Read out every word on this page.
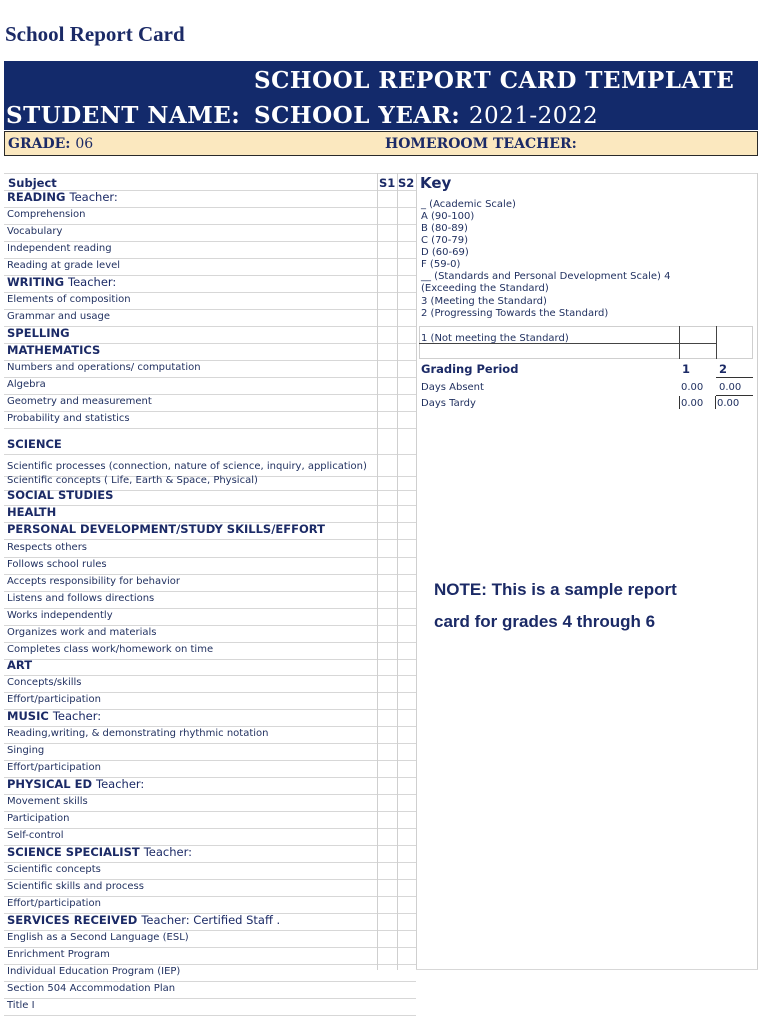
School Report Card
SCHOOL REPORT CARD TEMPLATE
STUDENT NAME: SCHOOL YEAR: 2021-2022
GRADE: 06	HOMEROOM TEACHER:
Subject	S1 S2
READING Teacher:
Comprehension
Vocabulary
Independent reading
Reading at grade level
WRITING Teacher:
Elements of composition
Grammar and usage
SPELLING
MATHEMATICS
Numbers and operations/ computation
Algebra
Geometry and measurement
Probability and statistics
SCIENCE
Scientific processes (connection, nature of science, inquiry, application)
Scientific concepts ( Life, Earth & Space, Physical)
SOCIAL STUDIES
HEALTH
PERSONAL DEVELOPMENT/STUDY SKILLS/EFFORT
Respects others
Follows school rules
Accepts responsibility for behavior
Listens and follows directions
Works independently
Organizes work and materials
Completes class work/homework on time
ART
Concepts/skills
Effort/participation
MUSIC Teacher:
Reading,writing, & demonstrating rhythmic notation
Singing
Effort/participation
PHYSICAL ED Teacher:
Movement skills
Participation
Self-control
SCIENCE SPECIALIST Teacher:
Scientific concepts
Scientific skills and process
Effort/participation
SERVICES RECEIVED Teacher: Certified Staff .
English as a Second Language (ESL)
Enrichment Program
Individual Education Program (IEP)
Section 504 Accommodation Plan
Title I
Key
_ (Academic Scale)
A (90-100)
B (80-89)
C (70-79)
D (60-69)
F (59-0)
__ (Standards and Personal Development Scale) 4
(Exceeding the Standard)
3 (Meeting the Standard)
2 (Progressing Towards the Standard)
1 (Not meeting the Standard)
Grading Period	1	2
Days Absent	0.00 0.00
Days Tardy	0.00 0.00
NOTE: This is a sample report
card for grades 4 through 6
